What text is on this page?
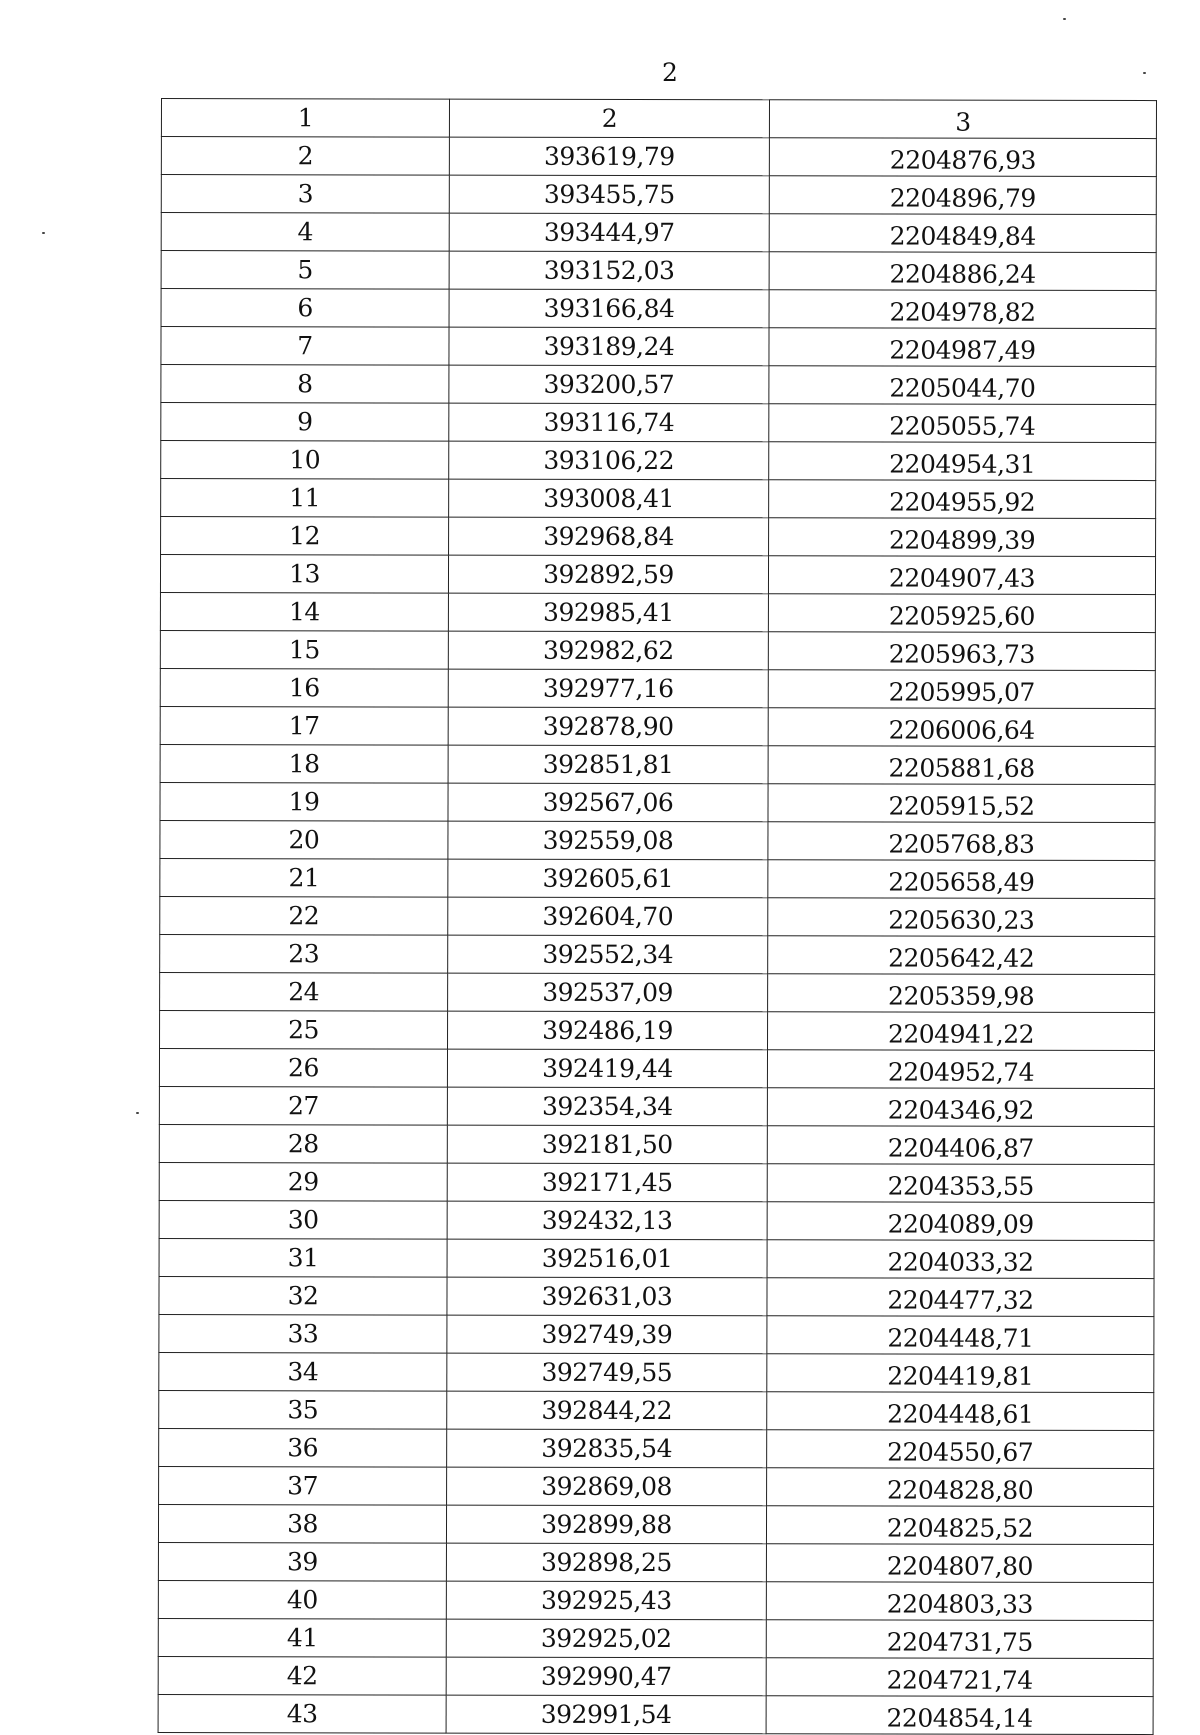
2
1	2	3
2	393619,79	2204876,93
3	393455,75	2204896,79
4	393444,97	2204849,84
5	393152,03	2204886,24
6	393166,84	2204978,82
7	393189,24	2204987,49
8	393200,57	2205044,70
9	393116,74	2205055,74
10	393106,22	2204954,31
11	393008,41	2204955,92
12	392968,84	2204899,39
13	392892,59	2204907,43
14	392985,41	2205925,60
15	392982,62	2205963,73
16	392977,16	2205995,07
17	392878,90	2206006,64
18	392851,81	2205881,68
19	392567,06	2205915,52
20	392559,08	2205768,83
21	392605,61	2205658,49
22	392604,70	2205630,23
23	392552,34	2205642,42
24	392537,09	2205359,98
25	392486,19	2204941,22
26	392419,44	2204952,74
27	392354,34	2204346,92
28	392181,50	2204406,87
29	392171,45	2204353,55
30	392432,13	2204089,09
31	392516,01	2204033,32
32	392631,03	2204477,32
33	392749,39	2204448,71
34	392749,55	2204419,81
35	392844,22	2204448,61
36	392835,54	2204550,67
37	392869,08	2204828,80
38	392899,88	2204825,52
39	392898,25	2204807,80
40	392925,43	2204803,33
41	392925,02	2204731,75
42	392990,47	2204721,74
43	392991,54	2204854,14
